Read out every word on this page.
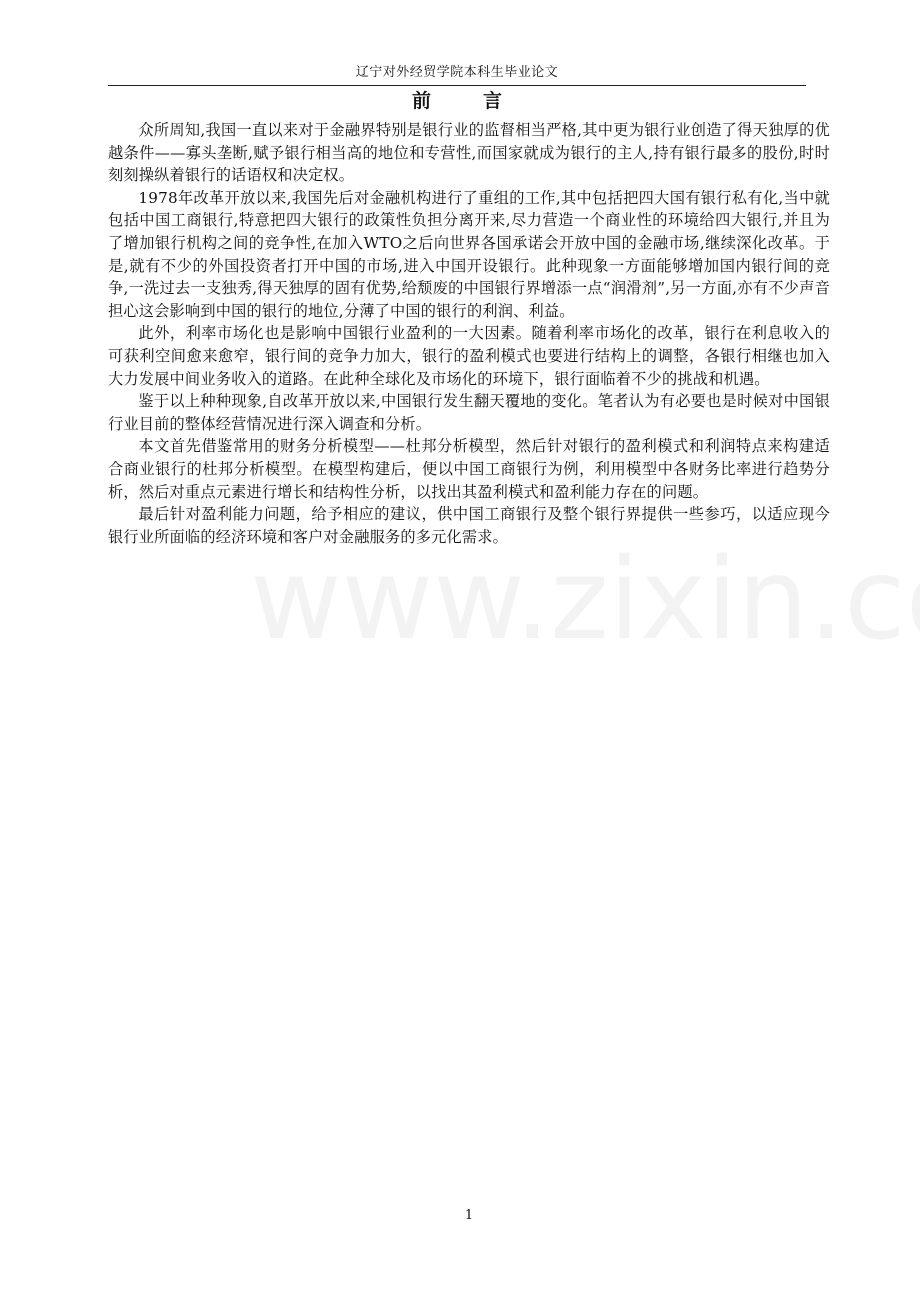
辽宁对外经贸学院本科生毕业论文
前言

众所周知,我国一直以来对于金融界特别是银行业的监督相当严格,其中更为银行业创造了得天独厚的优越条件——寡头垄断,赋予银行相当高的地位和专营性,而国家就成为银行的主人,持有银行最多的股份,时时刻刻操纵着银行的话语权和决定权。

1978年改革开放以来,我国先后对金融机构进行了重组的工作,其中包括把四大国有银行私有化,当中就包括中国工商银行,特意把四大银行的政策性负担分离开来,尽力营造一个商业性的环境给四大银行,并且为了增加银行机构之间的竞争性,在加入WTO之后向世界各国承诺会开放中国的金融市场,继续深化改革。于是,就有不少的外国投资者打开中国的市场,进入中国开设银行。此种现象一方面能够增加国内银行间的竞争,一洗过去一支独秀,得天独厚的固有优势,给颓废的中国银行界增添一点“润滑剂”,另一方面,亦有不少声音担心这会影响到中国的银行的地位,分薄了中国的银行的利润、利益。

此外，利率市场化也是影响中国银行业盈利的一大因素。随着利率市场化的改革，银行在利息收入的可获利空间愈来愈窄，银行间的竞争力加大，银行的盈利模式也要进行结构上的调整，各银行相继也加入大力发展中间业务收入的道路。在此种全球化及市场化的环境下，银行面临着不少的挑战和机遇。

鉴于以上种种现象,自改革开放以来,中国银行发生翻天覆地的变化。笔者认为有必要也是时候对中国银行业目前的整体经营情况进行深入调查和分析。

本文首先借鉴常用的财务分析模型——杜邦分析模型，然后针对银行的盈利模式和利润特点来构建适合商业银行的杜邦分析模型。在模型构建后，便以中国工商银行为例，利用模型中各财务比率进行趋势分析，然后对重点元素进行增长和结构性分析，以找出其盈利模式和盈利能力存在的问题。

最后针对盈利能力问题，给予相应的建议，供中国工商银行及整个银行界提供一些参巧，以适应现今银行业所面临的经济环境和客户对金融服务的多元化需求。

1
